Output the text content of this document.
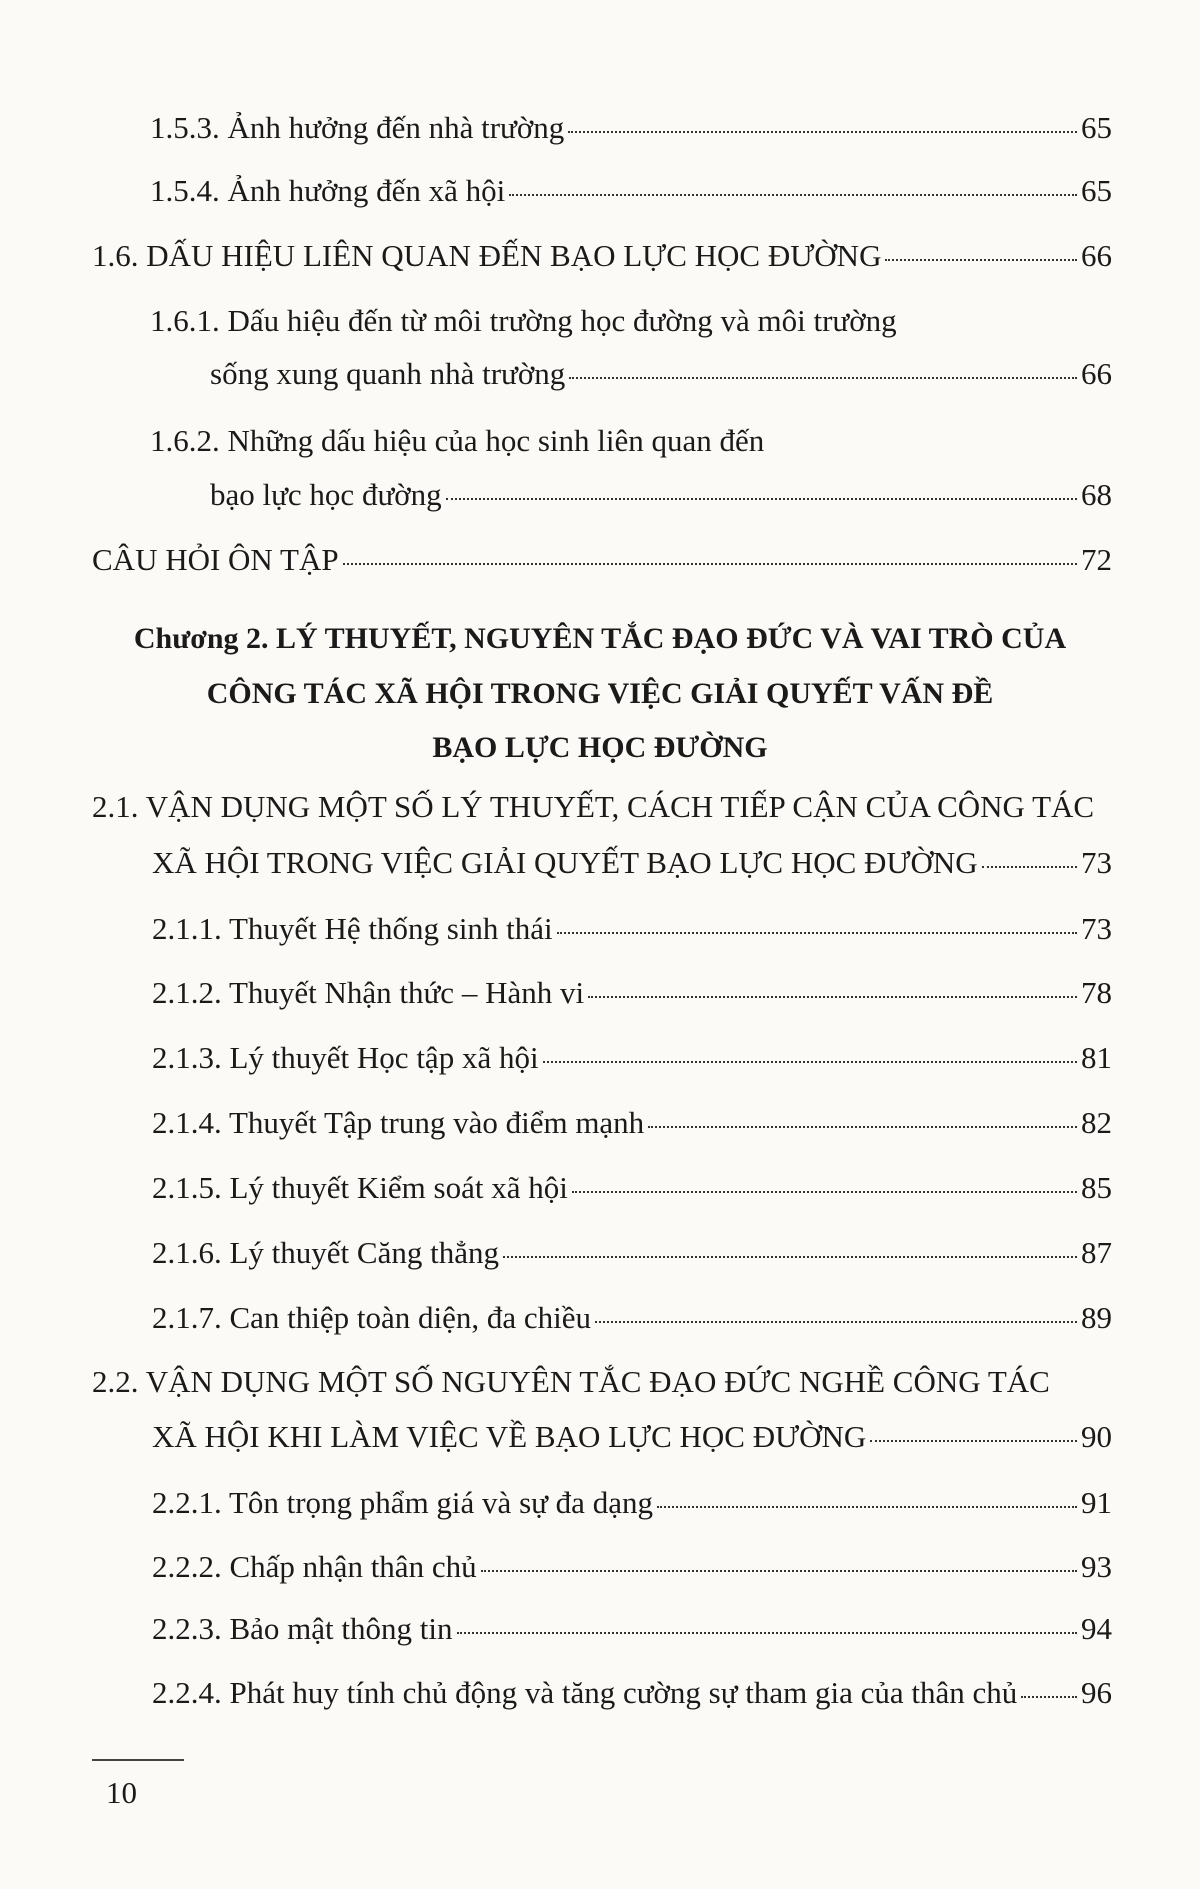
1.5.3. Ảnh hưởng đến nhà trường	65
1.5.4. Ảnh hưởng đến xã hội	65
1.6. DẤU HIỆU LIÊN QUAN ĐẾN BẠO LỰC HỌC ĐƯỜNG	66
1.6.1. Dấu hiệu đến từ môi trường học đường và môi trường
sống xung quanh nhà trường	66
1.6.2. Những dấu hiệu của học sinh liên quan đến
bạo lực học đường	68
CÂU HỎI ÔN TẬP	72
Chương 2. LÝ THUYẾT, NGUYÊN TẮC ĐẠO ĐỨC VÀ VAI TRÒ CỦA
CÔNG TÁC XÃ HỘI TRONG VIỆC GIẢI QUYẾT VẤN ĐỀ
BẠO LỰC HỌC ĐƯỜNG
2.1. VẬN DỤNG MỘT SỐ LÝ THUYẾT, CÁCH TIẾP CẬN CỦA CÔNG TÁC
XÃ HỘI TRONG VIỆC GIẢI QUYẾT BẠO LỰC HỌC ĐƯỜNG	73
2.1.1. Thuyết Hệ thống sinh thái	73
2.1.2. Thuyết Nhận thức – Hành vi	78
2.1.3. Lý thuyết Học tập xã hội	81
2.1.4. Thuyết Tập trung vào điểm mạnh	82
2.1.5. Lý thuyết Kiểm soát xã hội	85
2.1.6. Lý thuyết Căng thẳng	87
2.1.7. Can thiệp toàn diện, đa chiều	89
2.2. VẬN DỤNG MỘT SỐ NGUYÊN TẮC ĐẠO ĐỨC NGHỀ CÔNG TÁC
XÃ HỘI KHI LÀM VIỆC VỀ BẠO LỰC HỌC ĐƯỜNG	90
2.2.1. Tôn trọng phẩm giá và sự đa dạng	91
2.2.2. Chấp nhận thân chủ	93
2.2.3. Bảo mật thông tin	94
2.2.4. Phát huy tính chủ động và tăng cường sự tham gia của thân chủ 96
10
